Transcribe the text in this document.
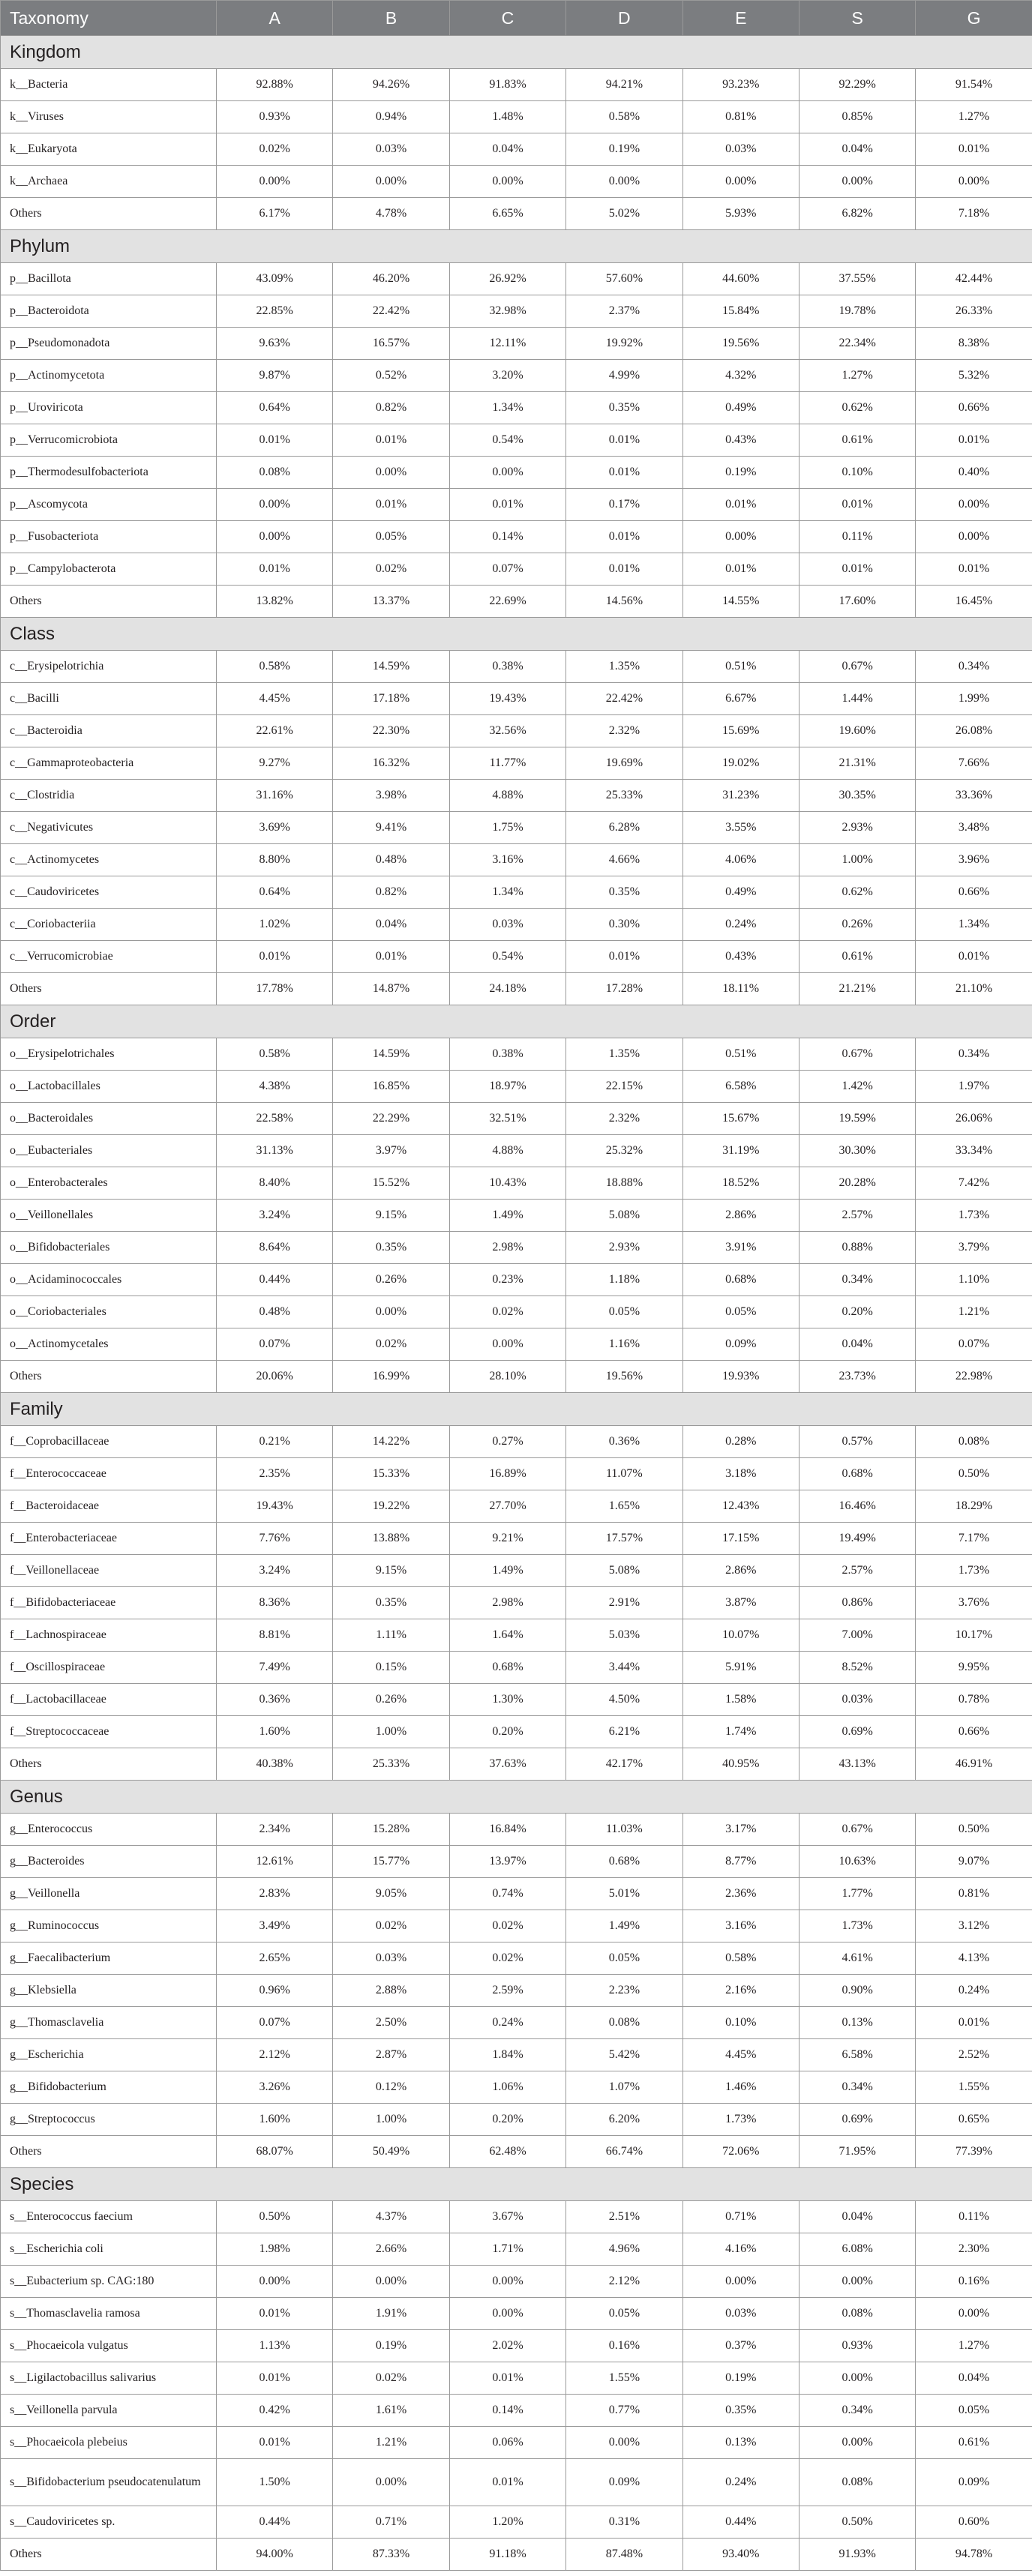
Taxonomy	A	B	C	D	E	S	G
Kingdom							
k__Bacteria	92.88%	94.26%	91.83%	94.21%	93.23%	92.29%	91.54%
k__Viruses	0.93%	0.94%	1.48%	0.58%	0.81%	0.85%	1.27%
k__Eukaryota	0.02%	0.03%	0.04%	0.19%	0.03%	0.04%	0.01%
k__Archaea	0.00%	0.00%	0.00%	0.00%	0.00%	0.00%	0.00%
Others	6.17%	4.78%	6.65%	5.02%	5.93%	6.82%	7.18%
Phylum							
p__Bacillota	43.09%	46.20%	26.92%	57.60%	44.60%	37.55%	42.44%
p__Bacteroidota	22.85%	22.42%	32.98%	2.37%	15.84%	19.78%	26.33%
p__Pseudomonadota	9.63%	16.57%	12.11%	19.92%	19.56%	22.34%	8.38%
p__Actinomycetota	9.87%	0.52%	3.20%	4.99%	4.32%	1.27%	5.32%
p__Uroviricota	0.64%	0.82%	1.34%	0.35%	0.49%	0.62%	0.66%
p__Verrucomicrobiota	0.01%	0.01%	0.54%	0.01%	0.43%	0.61%	0.01%
p__Thermodesulfobacteriota	0.08%	0.00%	0.00%	0.01%	0.19%	0.10%	0.40%
p__Ascomycota	0.00%	0.01%	0.01%	0.17%	0.01%	0.01%	0.00%
p__Fusobacteriota	0.00%	0.05%	0.14%	0.01%	0.00%	0.11%	0.00%
p__Campylobacterota	0.01%	0.02%	0.07%	0.01%	0.01%	0.01%	0.01%
Others	13.82%	13.37%	22.69%	14.56%	14.55%	17.60%	16.45%
Class							
c__Erysipelotrichia	0.58%	14.59%	0.38%	1.35%	0.51%	0.67%	0.34%
c__Bacilli	4.45%	17.18%	19.43%	22.42%	6.67%	1.44%	1.99%
c__Bacteroidia	22.61%	22.30%	32.56%	2.32%	15.69%	19.60%	26.08%
c__Gammaproteobacteria	9.27%	16.32%	11.77%	19.69%	19.02%	21.31%	7.66%
c__Clostridia	31.16%	3.98%	4.88%	25.33%	31.23%	30.35%	33.36%
c__Negativicutes	3.69%	9.41%	1.75%	6.28%	3.55%	2.93%	3.48%
c__Actinomycetes	8.80%	0.48%	3.16%	4.66%	4.06%	1.00%	3.96%
c__Caudoviricetes	0.64%	0.82%	1.34%	0.35%	0.49%	0.62%	0.66%
c__Coriobacteriia	1.02%	0.04%	0.03%	0.30%	0.24%	0.26%	1.34%
c__Verrucomicrobiae	0.01%	0.01%	0.54%	0.01%	0.43%	0.61%	0.01%
Others	17.78%	14.87%	24.18%	17.28%	18.11%	21.21%	21.10%
Order							
o__Erysipelotrichales	0.58%	14.59%	0.38%	1.35%	0.51%	0.67%	0.34%
o__Lactobacillales	4.38%	16.85%	18.97%	22.15%	6.58%	1.42%	1.97%
o__Bacteroidales	22.58%	22.29%	32.51%	2.32%	15.67%	19.59%	26.06%
o__Eubacteriales	31.13%	3.97%	4.88%	25.32%	31.19%	30.30%	33.34%
o__Enterobacterales	8.40%	15.52%	10.43%	18.88%	18.52%	20.28%	7.42%
o__Veillonellales	3.24%	9.15%	1.49%	5.08%	2.86%	2.57%	1.73%
o__Bifidobacteriales	8.64%	0.35%	2.98%	2.93%	3.91%	0.88%	3.79%
o__Acidaminococcales	0.44%	0.26%	0.23%	1.18%	0.68%	0.34%	1.10%
o__Coriobacteriales	0.48%	0.00%	0.02%	0.05%	0.05%	0.20%	1.21%
o__Actinomycetales	0.07%	0.02%	0.00%	1.16%	0.09%	0.04%	0.07%
Others	20.06%	16.99%	28.10%	19.56%	19.93%	23.73%	22.98%
Family							
f__Coprobacillaceae	0.21%	14.22%	0.27%	0.36%	0.28%	0.57%	0.08%
f__Enterococcaceae	2.35%	15.33%	16.89%	11.07%	3.18%	0.68%	0.50%
f__Bacteroidaceae	19.43%	19.22%	27.70%	1.65%	12.43%	16.46%	18.29%
f__Enterobacteriaceae	7.76%	13.88%	9.21%	17.57%	17.15%	19.49%	7.17%
f__Veillonellaceae	3.24%	9.15%	1.49%	5.08%	2.86%	2.57%	1.73%
f__Bifidobacteriaceae	8.36%	0.35%	2.98%	2.91%	3.87%	0.86%	3.76%
f__Lachnospiraceae	8.81%	1.11%	1.64%	5.03%	10.07%	7.00%	10.17%
f__Oscillospiraceae	7.49%	0.15%	0.68%	3.44%	5.91%	8.52%	9.95%
f__Lactobacillaceae	0.36%	0.26%	1.30%	4.50%	1.58%	0.03%	0.78%
f__Streptococcaceae	1.60%	1.00%	0.20%	6.21%	1.74%	0.69%	0.66%
Others	40.38%	25.33%	37.63%	42.17%	40.95%	43.13%	46.91%
Genus							
g__Enterococcus	2.34%	15.28%	16.84%	11.03%	3.17%	0.67%	0.50%
g__Bacteroides	12.61%	15.77%	13.97%	0.68%	8.77%	10.63%	9.07%
g__Veillonella	2.83%	9.05%	0.74%	5.01%	2.36%	1.77%	0.81%
g__Ruminococcus	3.49%	0.02%	0.02%	1.49%	3.16%	1.73%	3.12%
g__Faecalibacterium	2.65%	0.03%	0.02%	0.05%	0.58%	4.61%	4.13%
g__Klebsiella	0.96%	2.88%	2.59%	2.23%	2.16%	0.90%	0.24%
g__Thomasclavelia	0.07%	2.50%	0.24%	0.08%	0.10%	0.13%	0.01%
g__Escherichia	2.12%	2.87%	1.84%	5.42%	4.45%	6.58%	2.52%
g__Bifidobacterium	3.26%	0.12%	1.06%	1.07%	1.46%	0.34%	1.55%
g__Streptococcus	1.60%	1.00%	0.20%	6.20%	1.73%	0.69%	0.65%
Others	68.07%	50.49%	62.48%	66.74%	72.06%	71.95%	77.39%
Species							
s__Enterococcus faecium	0.50%	4.37%	3.67%	2.51%	0.71%	0.04%	0.11%
s__Escherichia coli	1.98%	2.66%	1.71%	4.96%	4.16%	6.08%	2.30%
s__Eubacterium sp. CAG:180	0.00%	0.00%	0.00%	2.12%	0.00%	0.00%	0.16%
s__Thomasclavelia ramosa	0.01%	1.91%	0.00%	0.05%	0.03%	0.08%	0.00%
s__Phocaeicola vulgatus	1.13%	0.19%	2.02%	0.16%	0.37%	0.93%	1.27%
s__Ligilactobacillus salivarius	0.01%	0.02%	0.01%	1.55%	0.19%	0.00%	0.04%
s__Veillonella parvula	0.42%	1.61%	0.14%	0.77%	0.35%	0.34%	0.05%
s__Phocaeicola plebeius	0.01%	1.21%	0.06%	0.00%	0.13%	0.00%	0.61%
s__Bifidobacterium pseudocatenulatum	1.50%	0.00%	0.01%	0.09%	0.24%	0.08%	0.09%
s__Caudoviricetes sp.	0.44%	0.71%	1.20%	0.31%	0.44%	0.50%	0.60%
Others	94.00%	87.33%	91.18%	87.48%	93.40%	91.93%	94.78%
